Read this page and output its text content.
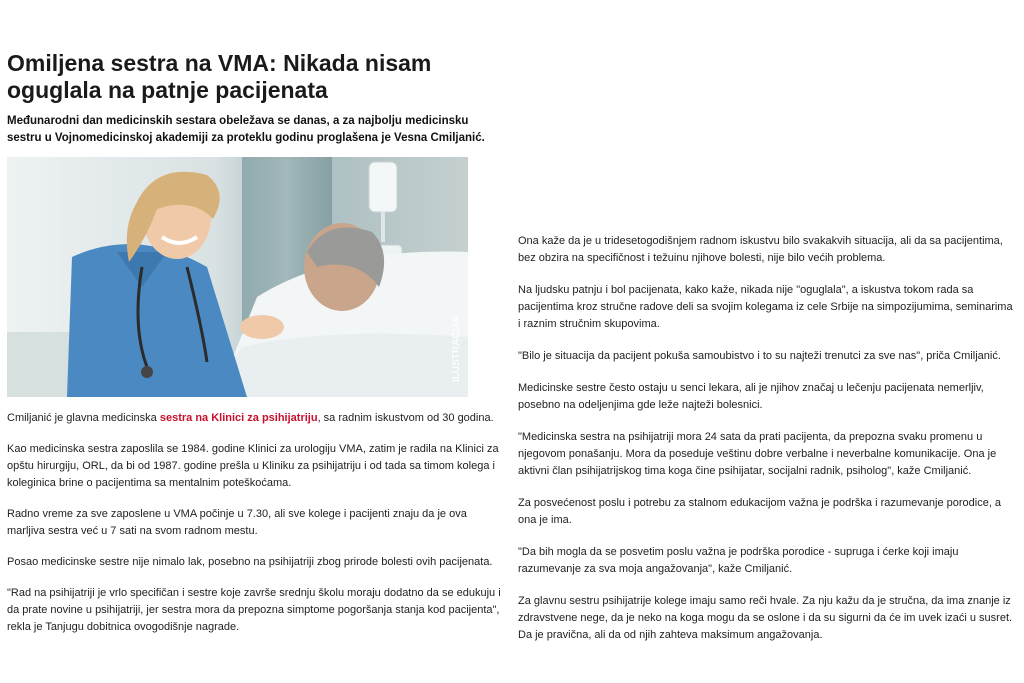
Omiljena sestra na VMA: Nikada nisam oguglala na patnje pacijenata
Međunarodni dan medicinskih sestara obeležava se danas, a za najbolju medicinsku sestru u Vojnomedicinskoj akademiji za proteklu godinu proglašena je Vesna Cmiljanić.
ILUSTRACIJA

Cmiljanić je glavna medicinska sestra na Klinici za psihijatriju, sa radnim iskustvom od 30 godina.

Kao medicinska sestra zaposlila se 1984. godine Klinici za urologiju VMA, zatim je radila na Klinici za opštu hirurgiju, ORL, da bi od 1987. godine prešla u Kliniku za psihijatriju i od tada sa timom kolega i koleginica brine o pacijentima sa mentalnim poteškoćama.

Radno vreme za sve zaposlene u VMA počinje u 7.30, ali sve kolege i pacijenti znaju da je ova marljiva sestra već u 7 sati na svom radnom mestu.

Posao medicinske sestre nije nimalo lak, posebno na psihijatriji zbog prirode bolesti ovih pacijenata.

"Rad na psihijatriji je vrlo specifičan i sestre koje završe srednju školu moraju dodatno da se edukuju i da prate novine u psihijatriji, jer sestra mora da prepozna simptome pogoršanja stanja kod pacijenta", rekla je Tanjugu dobitnica ovogodišnje nagrade.

Ona kaže da je u tridesetogodišnjem radnom iskustvu bilo svakakvih situacija, ali da sa pacijentima, bez obzira na specifičnost i težuinu njihove bolesti, nije bilo većih problema.

Na ljudsku patnju i bol pacijenata, kako kaže, nikada nije "oguglala", a iskustva tokom rada sa pacijentima kroz stručne radove deli sa svojim kolegama iz cele Srbije na simpozijumima, seminarima i raznim stručnim skupovima.

"Bilo je situacija da pacijent pokuša samoubistvo i to su najteži trenutci za sve nas", priča Cmiljanić.

Medicinske sestre često ostaju u senci lekara, ali je njihov značaj u lečenju pacijenata nemerljiv, posebno na odeljenjima gde leže najteži bolesnici.

"Medicinska sestra na psihijatriji mora 24 sata da prati pacijenta, da prepozna svaku promenu u njegovom ponašanju. Mora da poseduje veštinu dobre verbalne i neverbalne komunikacije. Ona je aktivni član psihijatrijskog tima koga čine psihijatar, socijalni radnik, psiholog", kaže Cmiljanić.

Za posvećenost poslu i potrebu za stalnom edukacijom važna je podrška i razumevanje porodice, a ona je ima.

"Da bih mogla da se posvetim poslu važna je podrška porodice - supruga i ćerke koji imaju razumevanje za sva moja angažovanja", kaže Cmiljanić.

Za glavnu sestru psihijatrije kolege imaju samo reči hvale. Za nju kažu da je stručna, da ima znanje iz zdravstvene nege, da je neko na koga mogu da se oslone i da su sigurni da će im uvek izaći u susret. Da je pravična, ali da od njih zahteva maksimum angažovanja.
